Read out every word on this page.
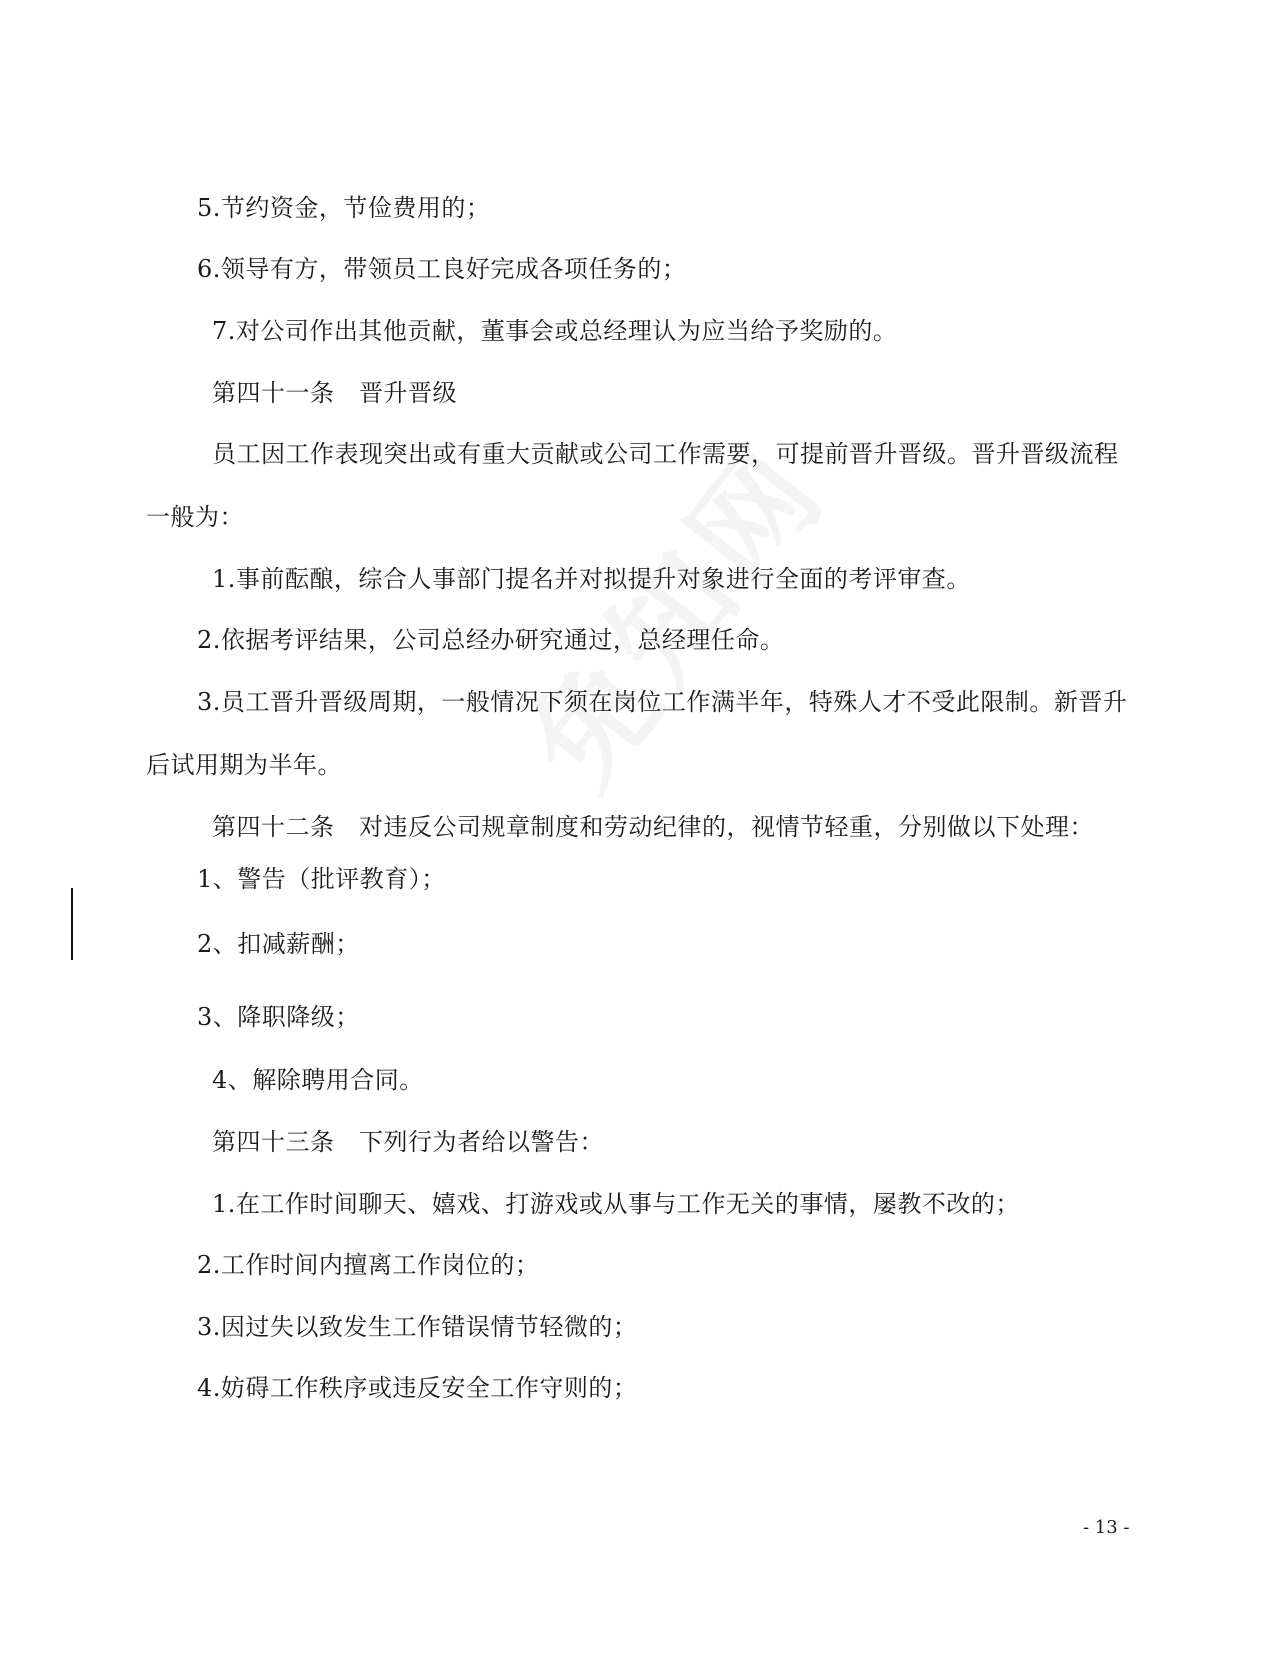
5.节约资金，节俭费用的；
6.领导有方，带领员工良好完成各项任务的；
7.对公司作出其他贡献，董事会或总经理认为应当给予奖励的。
第四十一条　晋升晋级
员工因工作表现突出或有重大贡献或公司工作需要，可提前晋升晋级。晋升晋级流程
一般为：
1.事前酝酿，综合人事部门提名并对拟提升对象进行全面的考评审查。
2.依据考评结果，公司总经办研究通过，总经理任命。
3.员工晋升晋级周期，一般情况下须在岗位工作满半年，特殊人才不受此限制。新晋升
后试用期为半年。
第四十二条　对违反公司规章制度和劳动纪律的，视情节轻重，分别做以下处理：
1、警告（批评教育）；
2、扣减薪酬；
3、降职降级；
4、解除聘用合同。
第四十三条　下列行为者给以警告：
1.在工作时间聊天、嬉戏、打游戏或从事与工作无关的事情，屡教不改的；
2.工作时间内擅离工作岗位的；
3.因过失以致发生工作错误情节轻微的；
4.妨碍工作秩序或违反安全工作守则的；
- 13 -
